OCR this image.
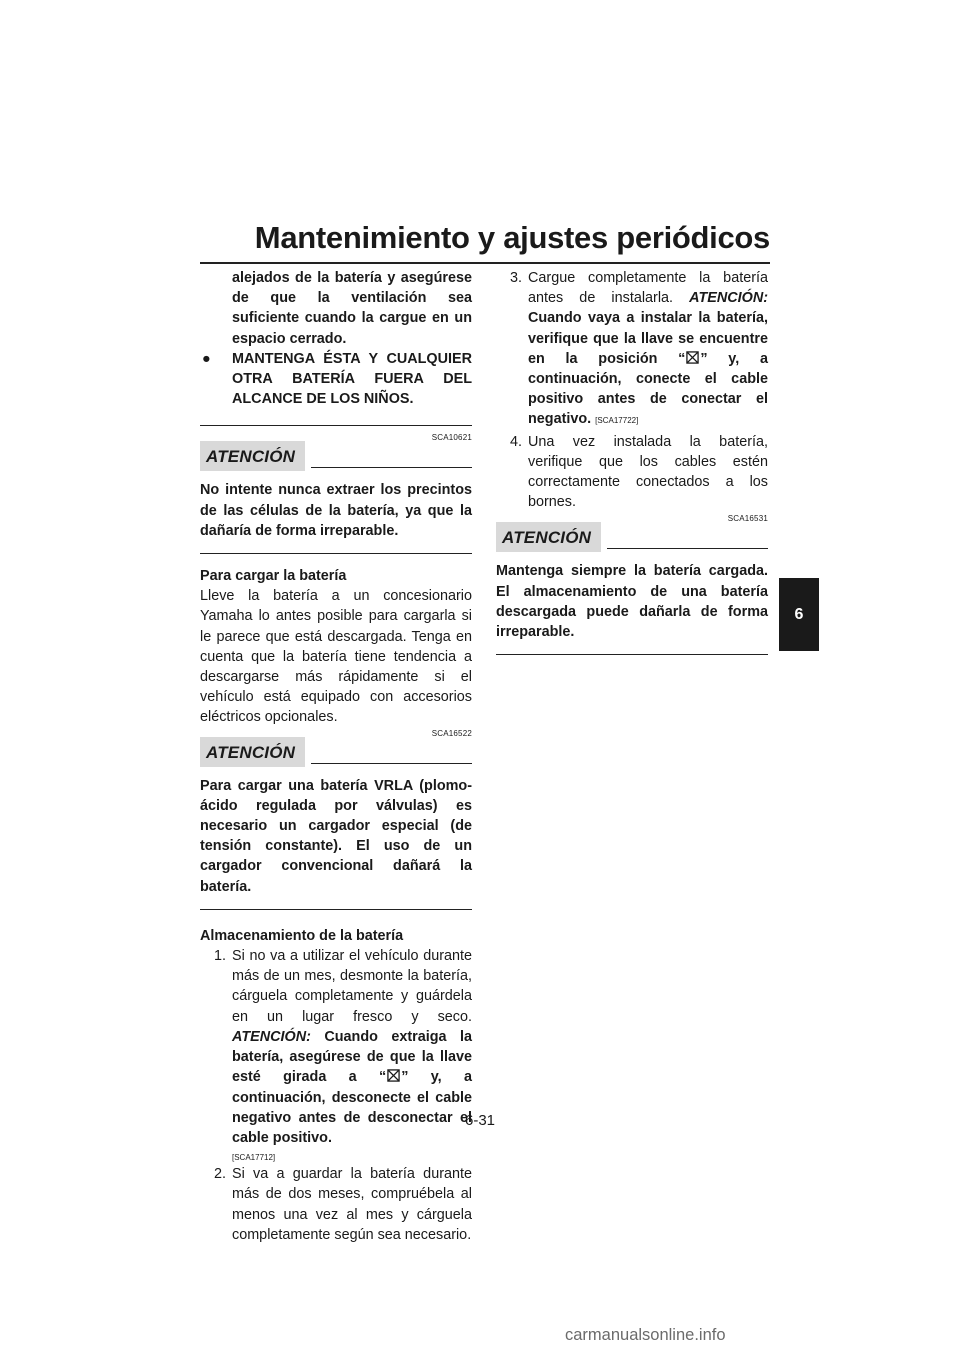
Mantenimiento y ajustes periódicos

alejados de la batería y asegúrese de que la ventilación sea suficiente cuando la cargue en un espacio cerrado.

●	MANTENGA ÉSTA Y CUALQUIER OTRA BATERÍA FUERA DEL ALCANCE DE LOS NIÑOS.
SCA10621
ATENCIÓN

No intente nunca extraer los precintos de las células de la batería, ya que la dañaría de forma irreparable.

Para cargar la batería

Lleve la batería a un concesionario Yamaha lo antes posible para cargarla si le parece que está descargada. Tenga en cuenta que la batería tiene tendencia a descargarse más rápidamente si el vehículo está equipado con accesorios eléctricos opcionales.

SCA16522
ATENCIÓN

Para cargar una batería VRLA (plomo-ácido regulada por válvulas) es necesario un cargador especial (de tensión constante). El uso de un cargador convencional dañará la batería.

Almacenamiento de la batería

1. Si no va a utilizar el vehículo durante más de un mes, desmonte la batería, cárguela completamente y guárdela en un lugar fresco y seco. ATENCIÓN: Cuando extraiga la batería, asegúrese de que la llave esté girada a “ ” y, a continuación, desconecte el cable negativo antes de desconectar el cable positivo.
[SCA17712]
2. Si va a guardar la batería durante más de dos meses, compruébela al menos una vez al mes y cárguela completamente según sea necesario.
3. Cargue completamente la batería antes de instalarla. ATENCIÓN: Cuando vaya a instalar la batería, verifique que la llave se encuentre en la posición “ ” y, a continuación, conecte el cable positivo antes de conectar el negativo. [SCA17722]
4. Una vez instalada la batería, verifique que los cables estén correctamente conectados a los bornes.
SCA16531
ATENCIÓN

Mantenga siempre la batería cargada. El almacenamiento de una batería descargada puede dañarla de forma irreparable.

6
6-31
carmanualsonline.info
